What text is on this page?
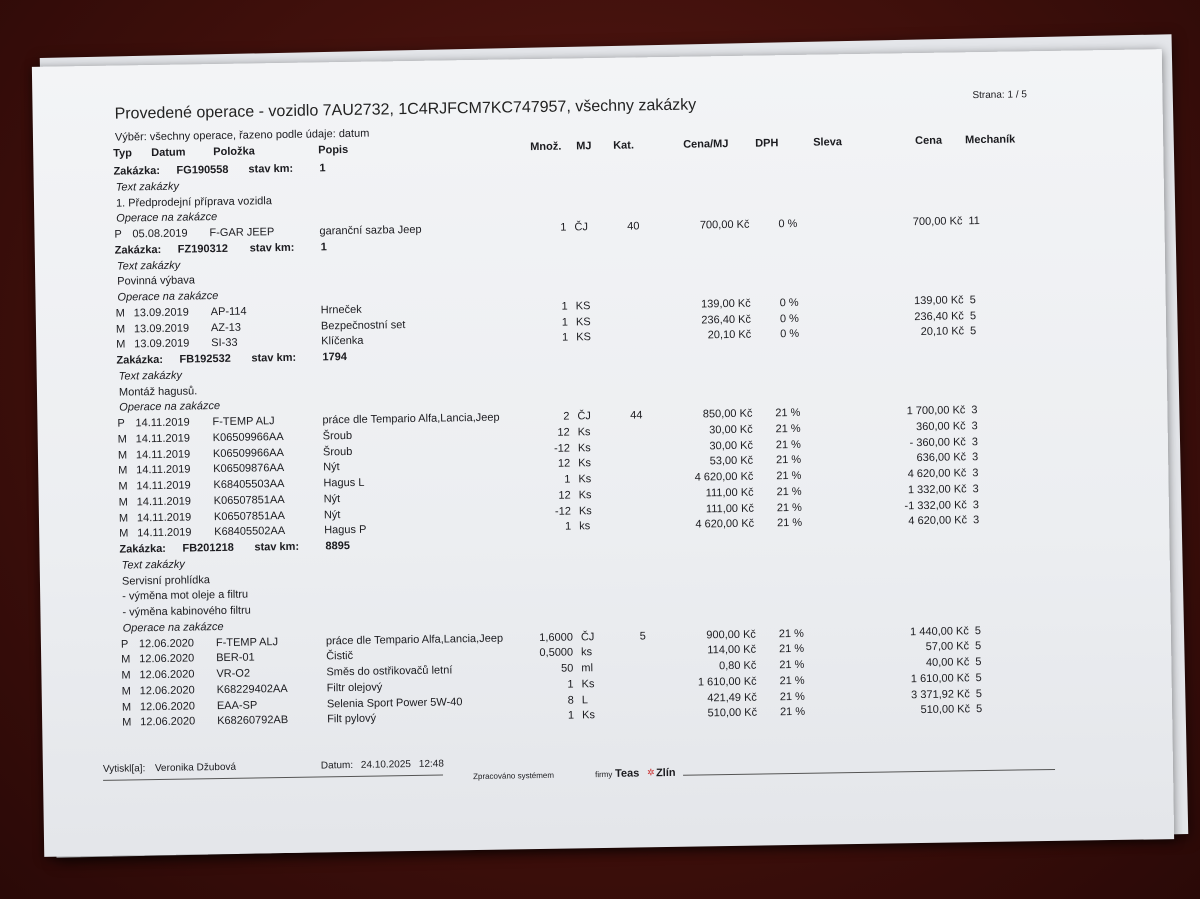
Provedené operace - vozidlo 7AU2732, 1C4RJFCM7KC747957, všechny zakázky
Strana: 1 / 5
Výběr: všechny operace, řazeno podle údaje: datum
Typ Datum	Položka	Popis	Množ. MJ Kat.	Cena/MJ DPH	Sleva	Cena Mechaník
Zakázka: FG190558 stav km: 1
Text zakázky
1. Předprodejní příprava vozidla
Operace na zakázce
P 05.08.2019	F-GAR JEEP	garanční sazba Jeep	1 ČJ	40	700,00 Kč	0 %	700,00 Kč 11
Zakázka: FZ190312 stav km: 1
Text zakázky
Povinná výbava
Operace na zakázce
M 13.09.2019	AP-114	Hrneček	1 KS	139,00 Kč	0 %	139,00 Kč 5
M 13.09.2019	AZ-13	Bezpečnostní set	1 KS	236,40 Kč	0 %	236,40 Kč 5
M 13.09.2019	SI-33	Klíčenka	1 KS	20,10 Kč	0 %	20,10 Kč 5
Zakázka: FB192532 stav km: 1794
Text zakázky
Montáž hagusů.
Operace na zakázce
P 14.11.2019	F-TEMP ALJ	práce dle Tempario Alfa,Lancia,Jeep	2 ČJ	44	850,00 Kč	21 %	1 700,00 Kč 3
M 14.11.2019	K06509966AA	Šroub	12 Ks	30,00 Kč	21 %	360,00 Kč 3
M 14.11.2019	K06509966AA	Šroub	-12 Ks	30,00 Kč	21 %	- 360,00 Kč 3
M 14.11.2019	K06509876AA	Nýt	12 Ks	53,00 Kč	21 %	636,00 Kč 3
M 14.11.2019	K68405503AA	Hagus L	1 Ks	4 620,00 Kč	21 %	4 620,00 Kč 3
M 14.11.2019	K06507851AA	Nýt	12 Ks	111,00 Kč	21 %	1 332,00 Kč 3
M 14.11.2019	K06507851AA	Nýt	-12 Ks	111,00 Kč	21 %	-1 332,00 Kč 3
M 14.11.2019	K68405502AA	Hagus P	1 ks	4 620,00 Kč	21 %	4 620,00 Kč 3
Zakázka: FB201218 stav km: 8895
Text zakázky
Servisní prohlídka
- výměna mot oleje a filtru
- výměna kabinového filtru
Operace na zakázce
P 12.06.2020	F-TEMP ALJ	práce dle Tempario Alfa,Lancia,Jeep	1,6000 ČJ	5	900,00 Kč	21 %	1 440,00 Kč 5
M 12.06.2020	BER-01	Čistič	0,5000 ks	114,00 Kč	21 %	57,00 Kč 5
M 12.06.2020	VR-O2	Směs do ostřikovačů letní	50 ml	0,80 Kč	21 %	40,00 Kč 5
M 12.06.2020	K68229402AA	Filtr olejový	1 Ks	1 610,00 Kč	21 %	1 610,00 Kč 5
M 12.06.2020	EAA-SP	Selenia Sport Power 5W-40	8 L	421,49 Kč	21 %	3 371,92 Kč 5
M 12.06.2020	K68260792AB	Filt pylový	1 Ks	510,00 Kč	21 %	510,00 Kč 5
Vytiskl[a]: Veronika Džubová	Datum: 24.10.2025 12:48
Zpracováno systémem	firmy Teas ✲ Zlín
